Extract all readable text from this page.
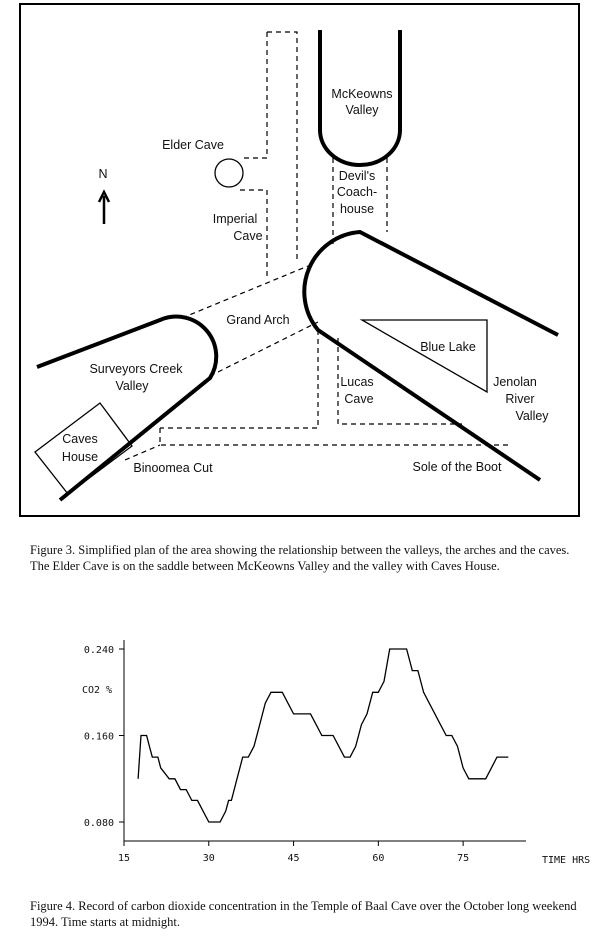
McKeowns
Valley
Elder Cave
N	Devil's
Coach-
house
Imperial
Cave
Grand Arch
Blue Lake
Surveyors Creek
Valley	Lucas
Cave
Jenolan
River
Valley
Caves
House
Binoomea Cut	Sole of the Boot

Figure 3. Simplified plan of the area showing the relationship between the valleys, the arches and the caves. The Elder Cave is on the saddle between McKeowns Valley and the valley with Caves House.

15	30	45	60	75
0.080
0.160
0.240
CO2 %
TIME HRS

Figure 4. Record of carbon dioxide concentration in the Temple of Baal Cave over the October long weekend 1994. Time starts at midnight.
